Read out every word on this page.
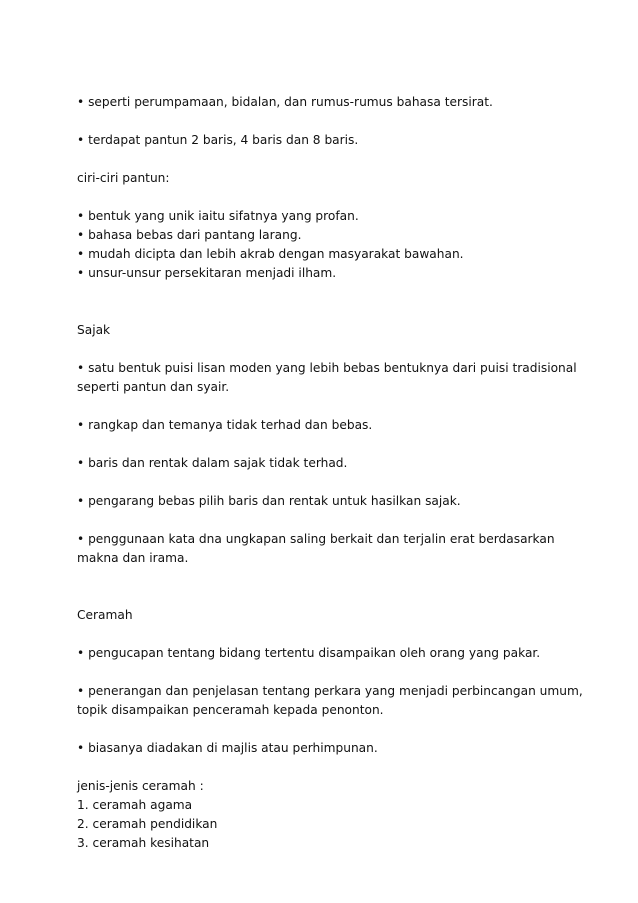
• seperti perumpamaan, bidalan, dan rumus-rumus bahasa tersirat.
• terdapat pantun 2 baris, 4 baris dan 8 baris.
ciri-ciri pantun:
• bentuk yang unik iaitu sifatnya yang profan.
• bahasa bebas dari pantang larang.
• mudah dicipta dan lebih akrab dengan masyarakat bawahan.
• unsur-unsur persekitaran menjadi ilham.
Sajak
• satu bentuk puisi lisan moden yang lebih bebas bentuknya dari puisi tradisional
seperti pantun dan syair.
• rangkap dan temanya tidak terhad dan bebas.
• baris dan rentak dalam sajak tidak terhad.
• pengarang bebas pilih baris dan rentak untuk hasilkan sajak.
• penggunaan kata dna ungkapan saling berkait dan terjalin erat berdasarkan
makna dan irama.
Ceramah
• pengucapan tentang bidang tertentu disampaikan oleh orang yang pakar.
• penerangan dan penjelasan tentang perkara yang menjadi perbincangan umum,
topik disampaikan penceramah kepada penonton.
• biasanya diadakan di majlis atau perhimpunan.
jenis-jenis ceramah :
1. ceramah agama
2. ceramah pendidikan
3. ceramah kesihatan
